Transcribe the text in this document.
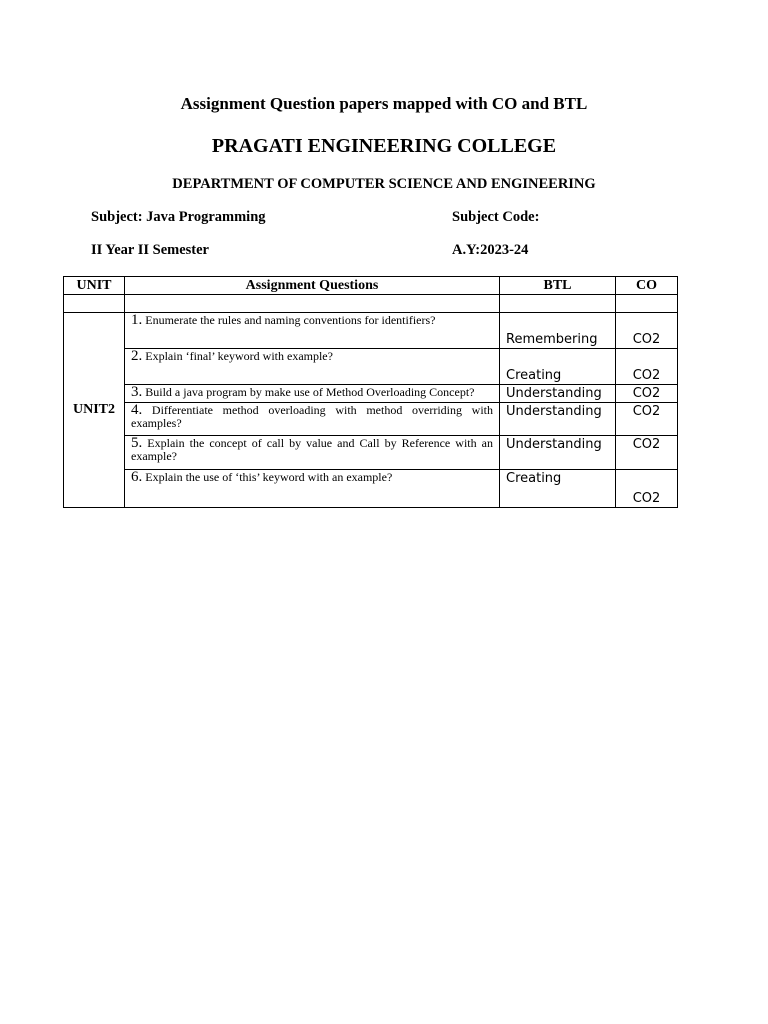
Assignment Question papers mapped with CO and BTL
PRAGATI ENGINEERING COLLEGE
DEPARTMENT OF COMPUTER SCIENCE AND ENGINEERING
Subject: Java Programming	Subject Code:
II Year II Semester	A.Y:2023-24
UNIT	Assignment Questions	BTL	CO

UNIT2	1. Enumerate the rules and naming conventions for identifiers?	Remembering	CO2
	2. Explain ‘final’ keyword with example?	Creating	CO2
	3. Build a java program by make use of Method Overloading Concept?	Understanding	CO2
	4. Differentiate method overloading with method overriding with examples?	Understanding	CO2
	5. Explain the concept of call by value and Call by Reference with an example?	Understanding	CO2
	6. Explain the use of ‘this’ keyword with an example?	Creating	CO2
